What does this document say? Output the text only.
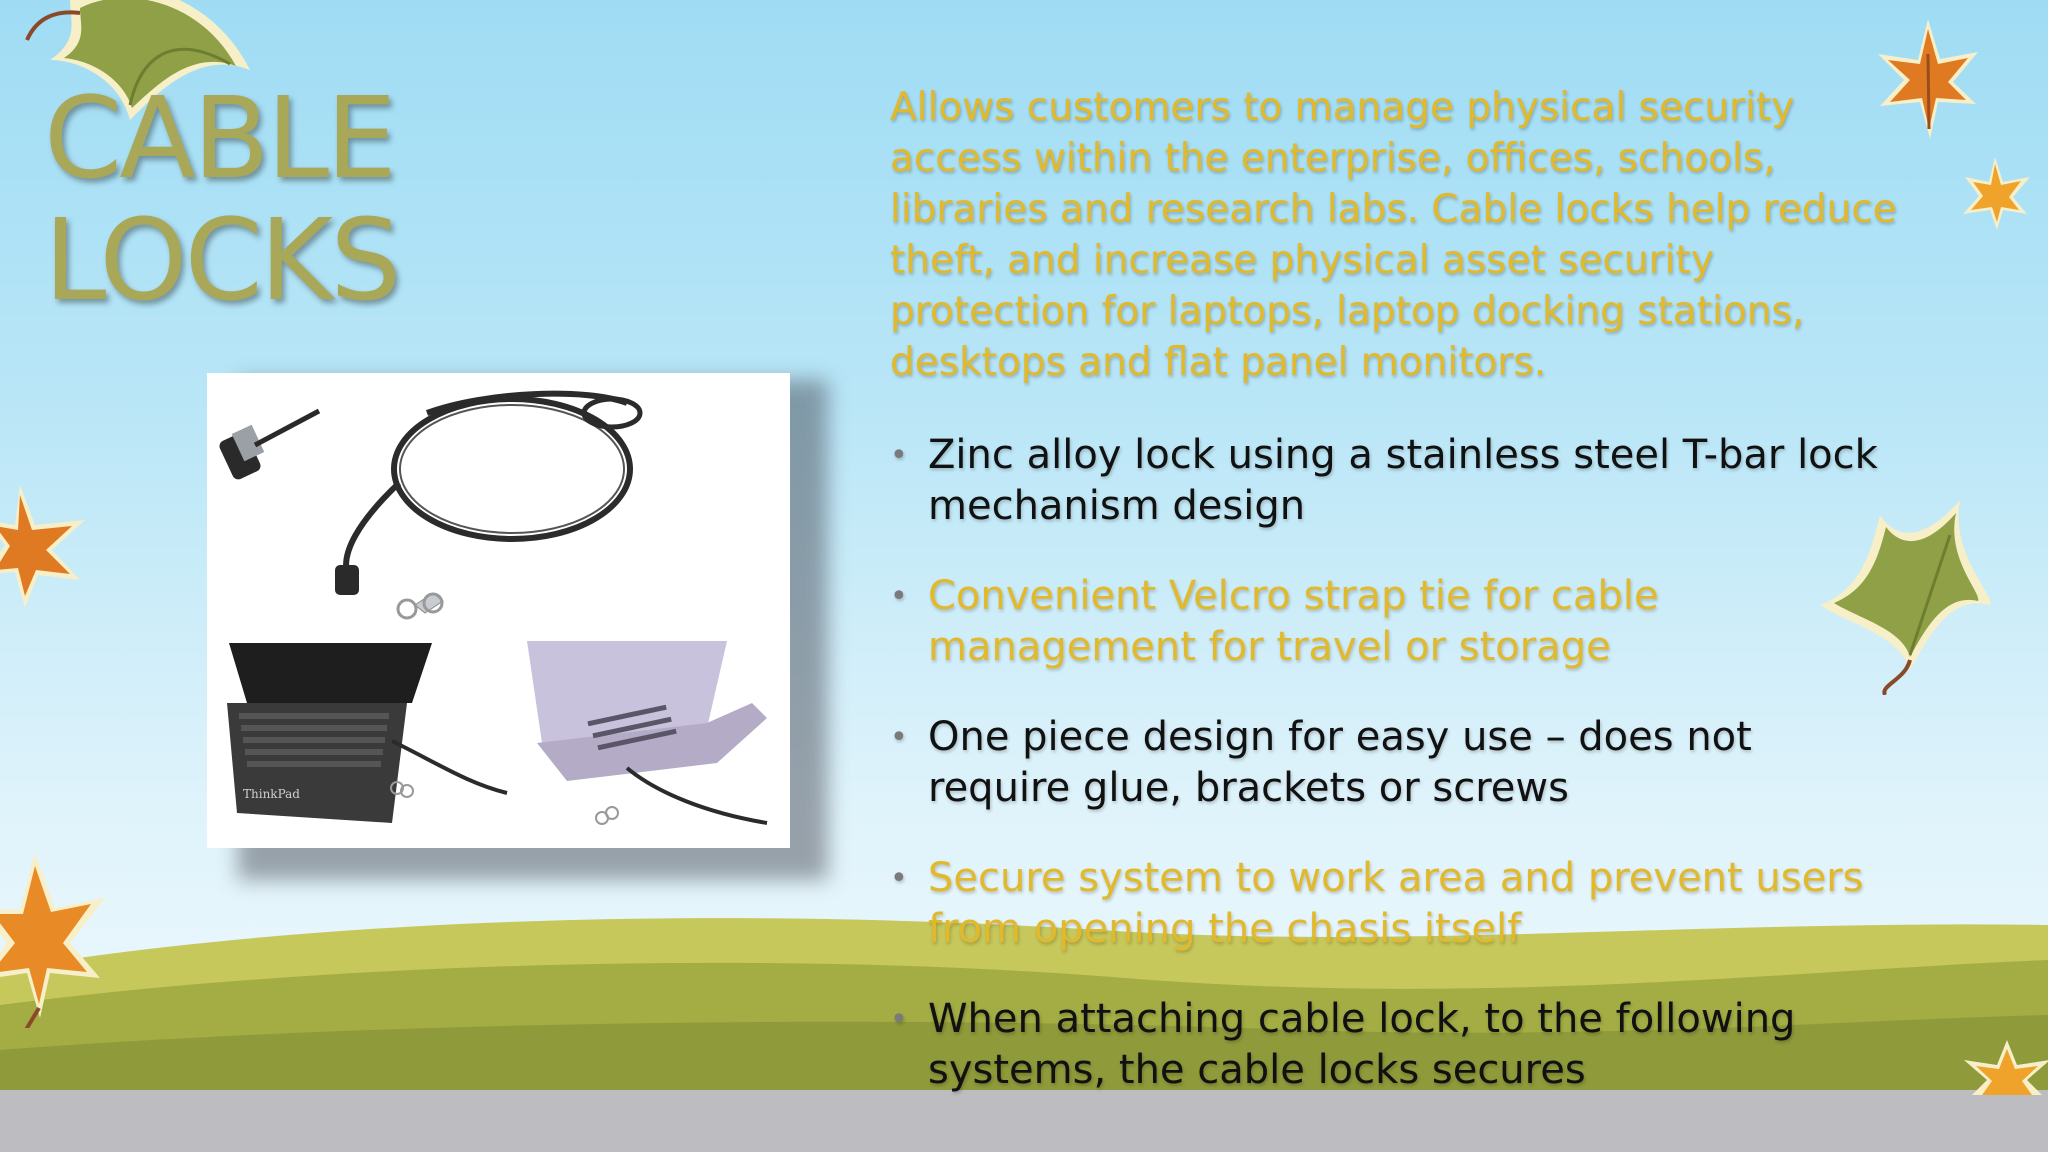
CABLE
LOCKS
ThinkPad

Allows customers to manage physical security access within the enterprise, offices, schools, libraries and research labs. Cable locks help reduce theft, and increase physical asset security protection for laptops, laptop docking stations, desktops and flat panel monitors.

• Zinc alloy lock using a stainless steel T-bar lock mechanism design
• Convenient Velcro strap tie for cable management for travel or storage
• One piece design for easy use – does not require glue, brackets or screws
• Secure system to work area and prevent users from opening the chasis itself
• When attaching cable lock, to the following systems, the cable locks secures
